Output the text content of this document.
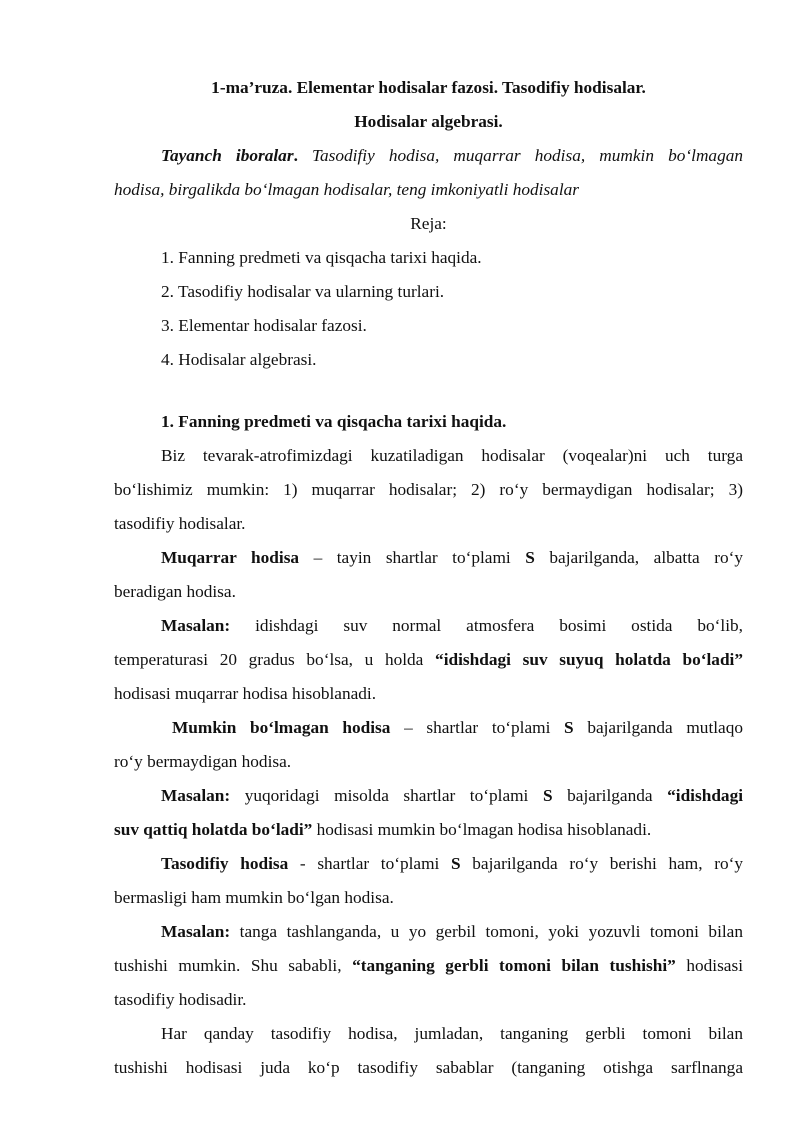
1-ma’ruza. Elementar hodisalar fazosi. Tasodifiy hodisalar.
Hodisalar algebrasi.
Tayanch iboralar. Tasodifiy hodisa, muqarrar hodisa, mumkin bo‘lmagan
hodisa, birgalikda bo‘lmagan hodisalar, teng imkoniyatli hodisalar
Reja:
1. Fanning predmeti va qisqacha tarixi haqida.
2. Tasodifiy hodisalar va ularning turlari.
3. Elementar hodisalar fazosi.
4. Hodisalar algebrasi.
1. Fanning predmeti va qisqacha tarixi haqida.
Biz tevarak-atrofimizdagi kuzatiladigan hodisalar (voqealar)ni uch turga
bo‘lishimiz mumkin: 1) muqarrar hodisalar; 2) ro‘y bermaydigan hodisalar; 3)
tasodifiy hodisalar.
Muqarrar hodisa – tayin shartlar to‘plami S bajarilganda, albatta ro‘y
beradigan hodisa.
Masalan: idishdagi suv normal atmosfera bosimi ostida bo‘lib,
temperaturasi 20 gradus bo‘lsa, u holda “idishdagi suv suyuq holatda bo‘ladi”
hodisasi muqarrar hodisa hisoblanadi.
Mumkin bo‘lmagan hodisa – shartlar to‘plami S bajarilganda mutlaqo
ro‘y bermaydigan hodisa.
Masalan: yuqoridagi misolda shartlar to‘plami S bajarilganda “idishdagi
suv qattiq holatda bo‘ladi” hodisasi mumkin bo‘lmagan hodisa hisoblanadi.
Tasodifiy hodisa - shartlar to‘plami S bajarilganda ro‘y berishi ham, ro‘y
bermasligi ham mumkin bo‘lgan hodisa.
Masalan: tanga tashlanganda, u yo gerbil tomoni, yoki yozuvli tomoni bilan
tushishi mumkin. Shu sababli, “tanganing gerbli tomoni bilan tushishi” hodisasi
tasodifiy hodisadir.
Har qanday tasodifiy hodisa, jumladan, tanganing gerbli tomoni bilan
tushishi hodisasi juda ko‘p tasodifiy sabablar (tanganing otishga sarflnanga
